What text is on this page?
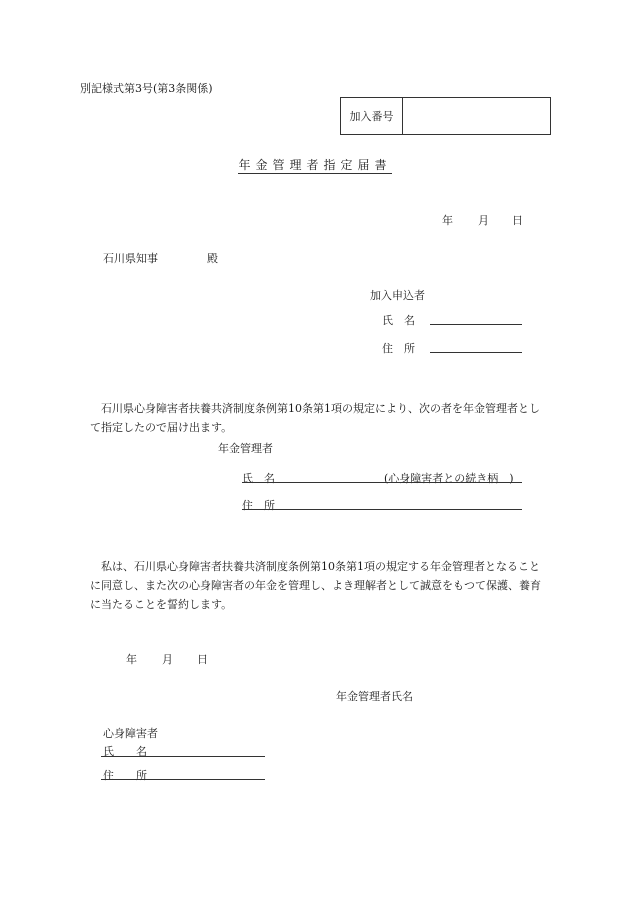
別記様式第3号(第3条関係)
加入番号
年金管理者指定届書
年 月 日
石川県知事	殿
加入申込者
氏　名
住　所
石川県心身障害者扶養共済制度条例第10条第1項の規定により、次の者を年金管理者として指定したので届け出ます。
年金管理者
氏　名	(心身障害者との続き柄　)
住　所
私は、石川県心身障害者扶養共済制度条例第10条第1項の規定する年金管理者となることに同意し、また次の心身障害者の年金を管理し、よき理解者として誠意をもつて保護、養育に当たることを誓約します。
年 月 日
年金管理者氏名
心身障害者
氏　　名
住　　所
